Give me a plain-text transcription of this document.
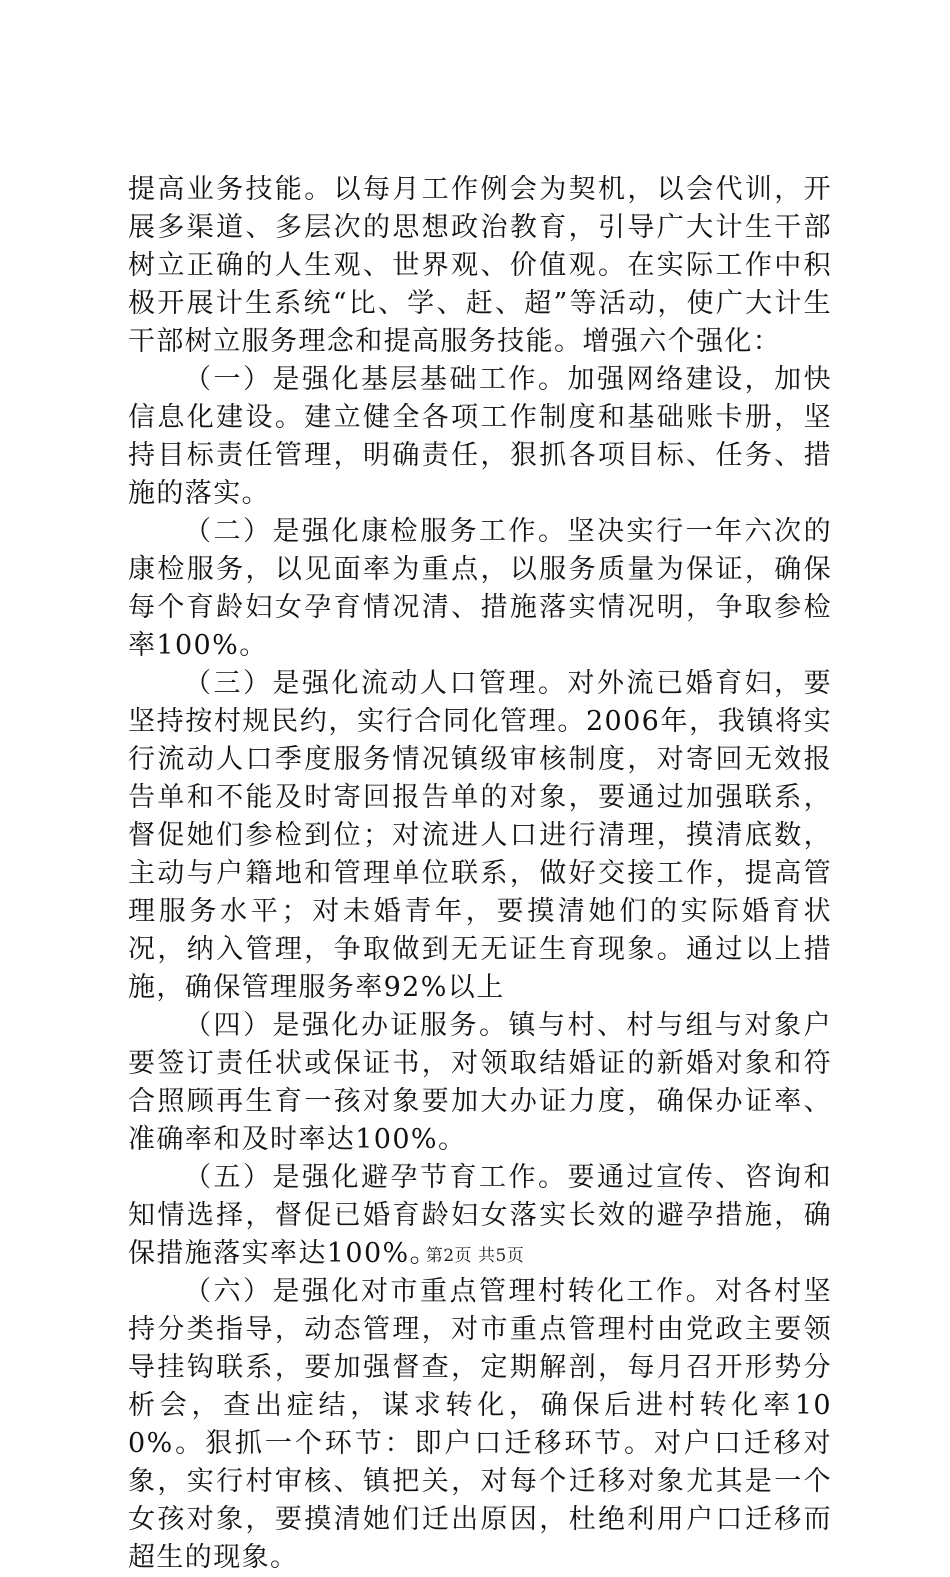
提高业务技能。以每月工作例会为契机，以会代训，开展多渠道、多层次的思想政治教育，引导广大计生干部树立正确的人生观、世界观、价值观。在实际工作中积极开展计生系统“比、学、赶、超”等活动，使广大计生干部树立服务理念和提高服务技能。增强六个强化：

（一）是强化基层基础工作。加强网络建设，加快信息化建设。建立健全各项工作制度和基础账卡册，坚持目标责任管理，明确责任，狠抓各项目标、任务、措施的落实。

（二）是强化康检服务工作。坚决实行一年六次的康检服务，以见面率为重点，以服务质量为保证，确保每个育龄妇女孕育情况清、措施落实情况明，争取参检率100%。

（三）是强化流动人口管理。对外流已婚育妇，要坚持按村规民约，实行合同化管理。2006年，我镇将实行流动人口季度服务情况镇级审核制度，对寄回无效报告单和不能及时寄回报告单的对象，要通过加强联系，督促她们参检到位；对流进人口进行清理，摸清底数，主动与户籍地和管理单位联系，做好交接工作，提高管理服务水平；对未婚青年，要摸清她们的实际婚育状况，纳入管理，争取做到无无证生育现象。通过以上措施，确保管理服务率92%以上

（四）是强化办证服务。镇与村、村与组与对象户要签订责任状或保证书，对领取结婚证的新婚对象和符合照顾再生育一孩对象要加大办证力度，确保办证率、准确率和及时率达100%。

（五）是强化避孕节育工作。要通过宣传、咨询和知情选择，督促已婚育龄妇女落实长效的避孕措施，确保措施落实率达100%。

（六）是强化对市重点管理村转化工作。对各村坚持分类指导，动态管理，对市重点管理村由党政主要领导挂钩联系，要加强督查，定期解剖，每月召开形势分析会，查出症结，谋求转化，确保后进村转化率100%。狠抓一个环节：即户口迁移环节。对户口迁移对象，实行村审核、镇把关，对每个迁移对象尤其是一个女孩对象，要摸清她们迁出原因，杜绝利用户口迁移而超生的现象。

第2页 共5页
